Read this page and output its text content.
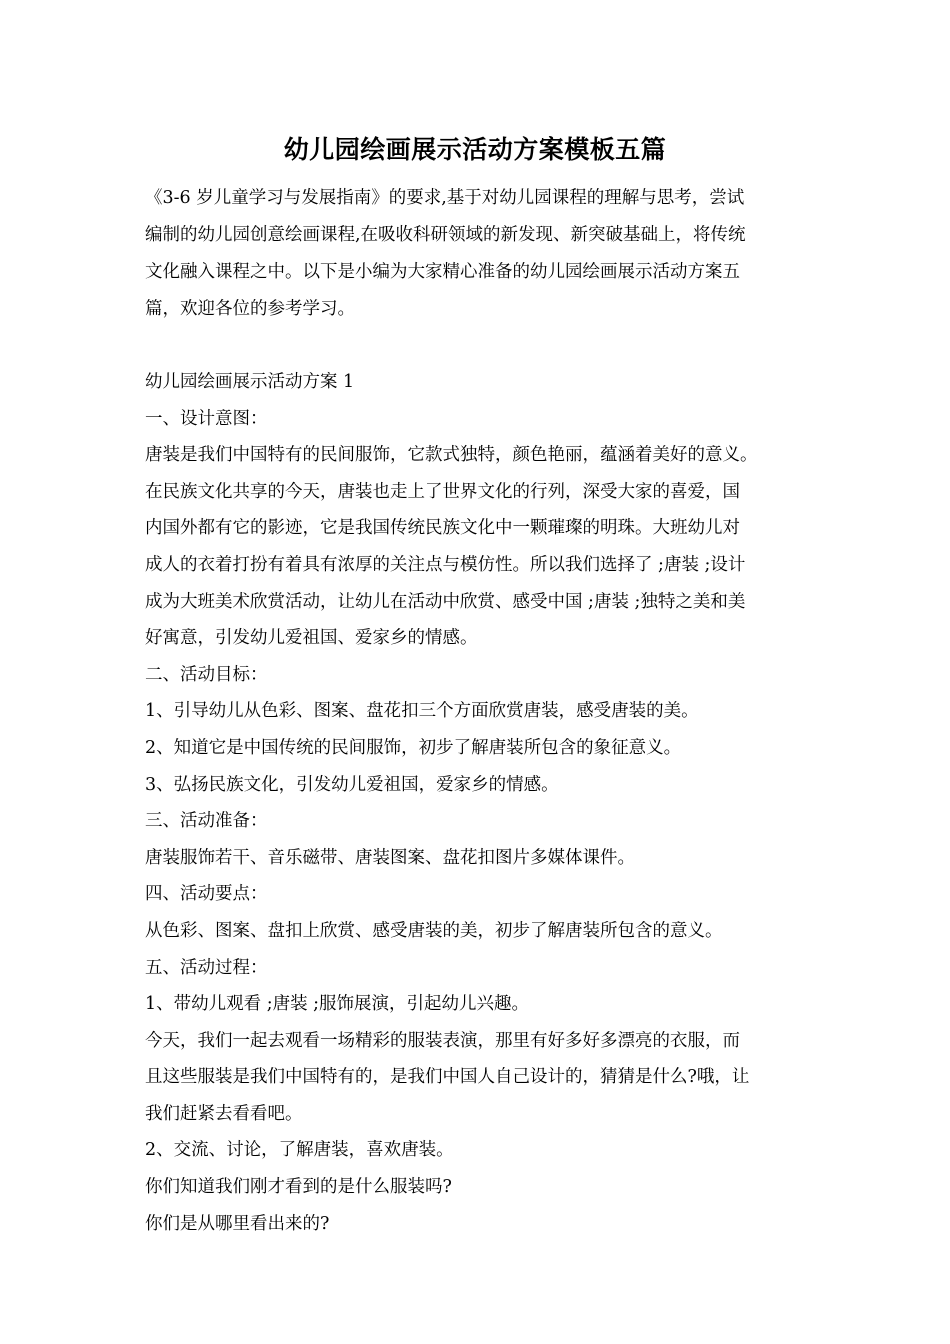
幼儿园绘画展示活动方案模板五篇

《3-6 岁儿童学习与发展指南》的要求,基于对幼儿园课程的理解与思考，尝试

编制的幼儿园创意绘画课程,在吸收科研领域的新发现、新突破基础上，将传统

文化融入课程之中。以下是小编为大家精心准备的幼儿园绘画展示活动方案五

篇，欢迎各位的参考学习。

幼儿园绘画展示活动方案 1
一、设计意图：
唐装是我们中国特有的民间服饰，它款式独特，颜色艳丽，蕴涵着美好的意义。
在民族文化共享的今天，唐装也走上了世界文化的行列，深受大家的喜爱，国
内国外都有它的影迹，它是我国传统民族文化中一颗璀璨的明珠。大班幼儿对
成人的衣着打扮有着具有浓厚的关注点与模仿性。所以我们选择了 ;唐装 ;设计
成为大班美术欣赏活动，让幼儿在活动中欣赏、感受中国 ;唐装 ;独特之美和美
好寓意，引发幼儿爱祖国、爱家乡的情感。
二、活动目标：
1、引导幼儿从色彩、图案、盘花扣三个方面欣赏唐装，感受唐装的美。
2、知道它是中国传统的民间服饰，初步了解唐装所包含的象征意义。
3、弘扬民族文化，引发幼儿爱祖国，爱家乡的情感。
三、活动准备：
唐装服饰若干、音乐磁带、唐装图案、盘花扣图片多媒体课件。
四、活动要点：
从色彩、图案、盘扣上欣赏、感受唐装的美，初步了解唐装所包含的意义。
五、活动过程：
1、带幼儿观看 ;唐装 ;服饰展演，引起幼儿兴趣。
今天，我们一起去观看一场精彩的服装表演，那里有好多好多漂亮的衣服，而
且这些服装是我们中国特有的，是我们中国人自己设计的，猜猜是什么?哦，让
我们赶紧去看看吧。
2、交流、讨论，了解唐装，喜欢唐装。
你们知道我们刚才看到的是什么服装吗?
你们是从哪里看出来的?
